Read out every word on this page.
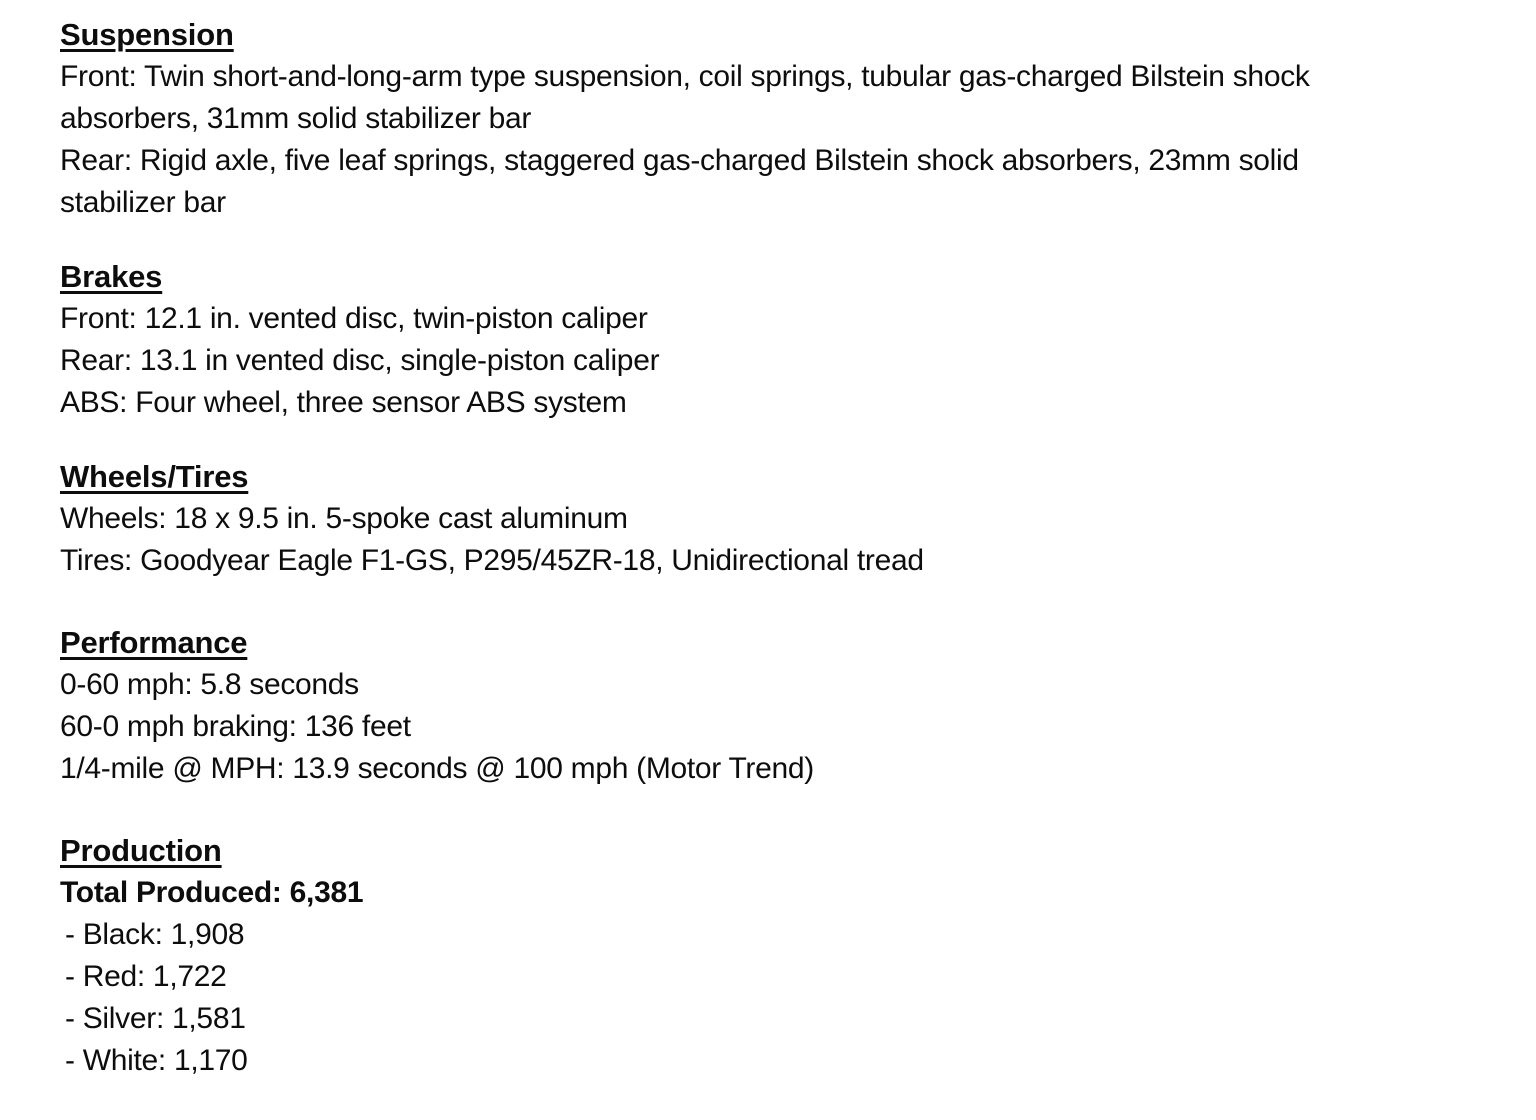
Suspension

Front: Twin short-and-long-arm type suspension, coil springs, tubular gas-charged Bilstein shock

absorbers, 31mm solid stabilizer bar

Rear: Rigid axle, five leaf springs, staggered gas-charged Bilstein shock absorbers, 23mm solid

stabilizer bar

Brakes

Front: 12.1 in. vented disc, twin-piston caliper

Rear: 13.1 in vented disc, single-piston caliper

ABS: Four wheel, three sensor ABS system

Wheels/Tires

Wheels: 18 x 9.5 in. 5-spoke cast aluminum

Tires: Goodyear Eagle F1-GS, P295/45ZR-18, Unidirectional tread

Performance

0-60 mph: 5.8 seconds

60-0 mph braking: 136 feet

1/4-mile @ MPH: 13.9 seconds @ 100 mph (Motor Trend)

Production

Total Produced: 6,381

- Black: 1,908

- Red: 1,722

- Silver: 1,581

- White: 1,170
